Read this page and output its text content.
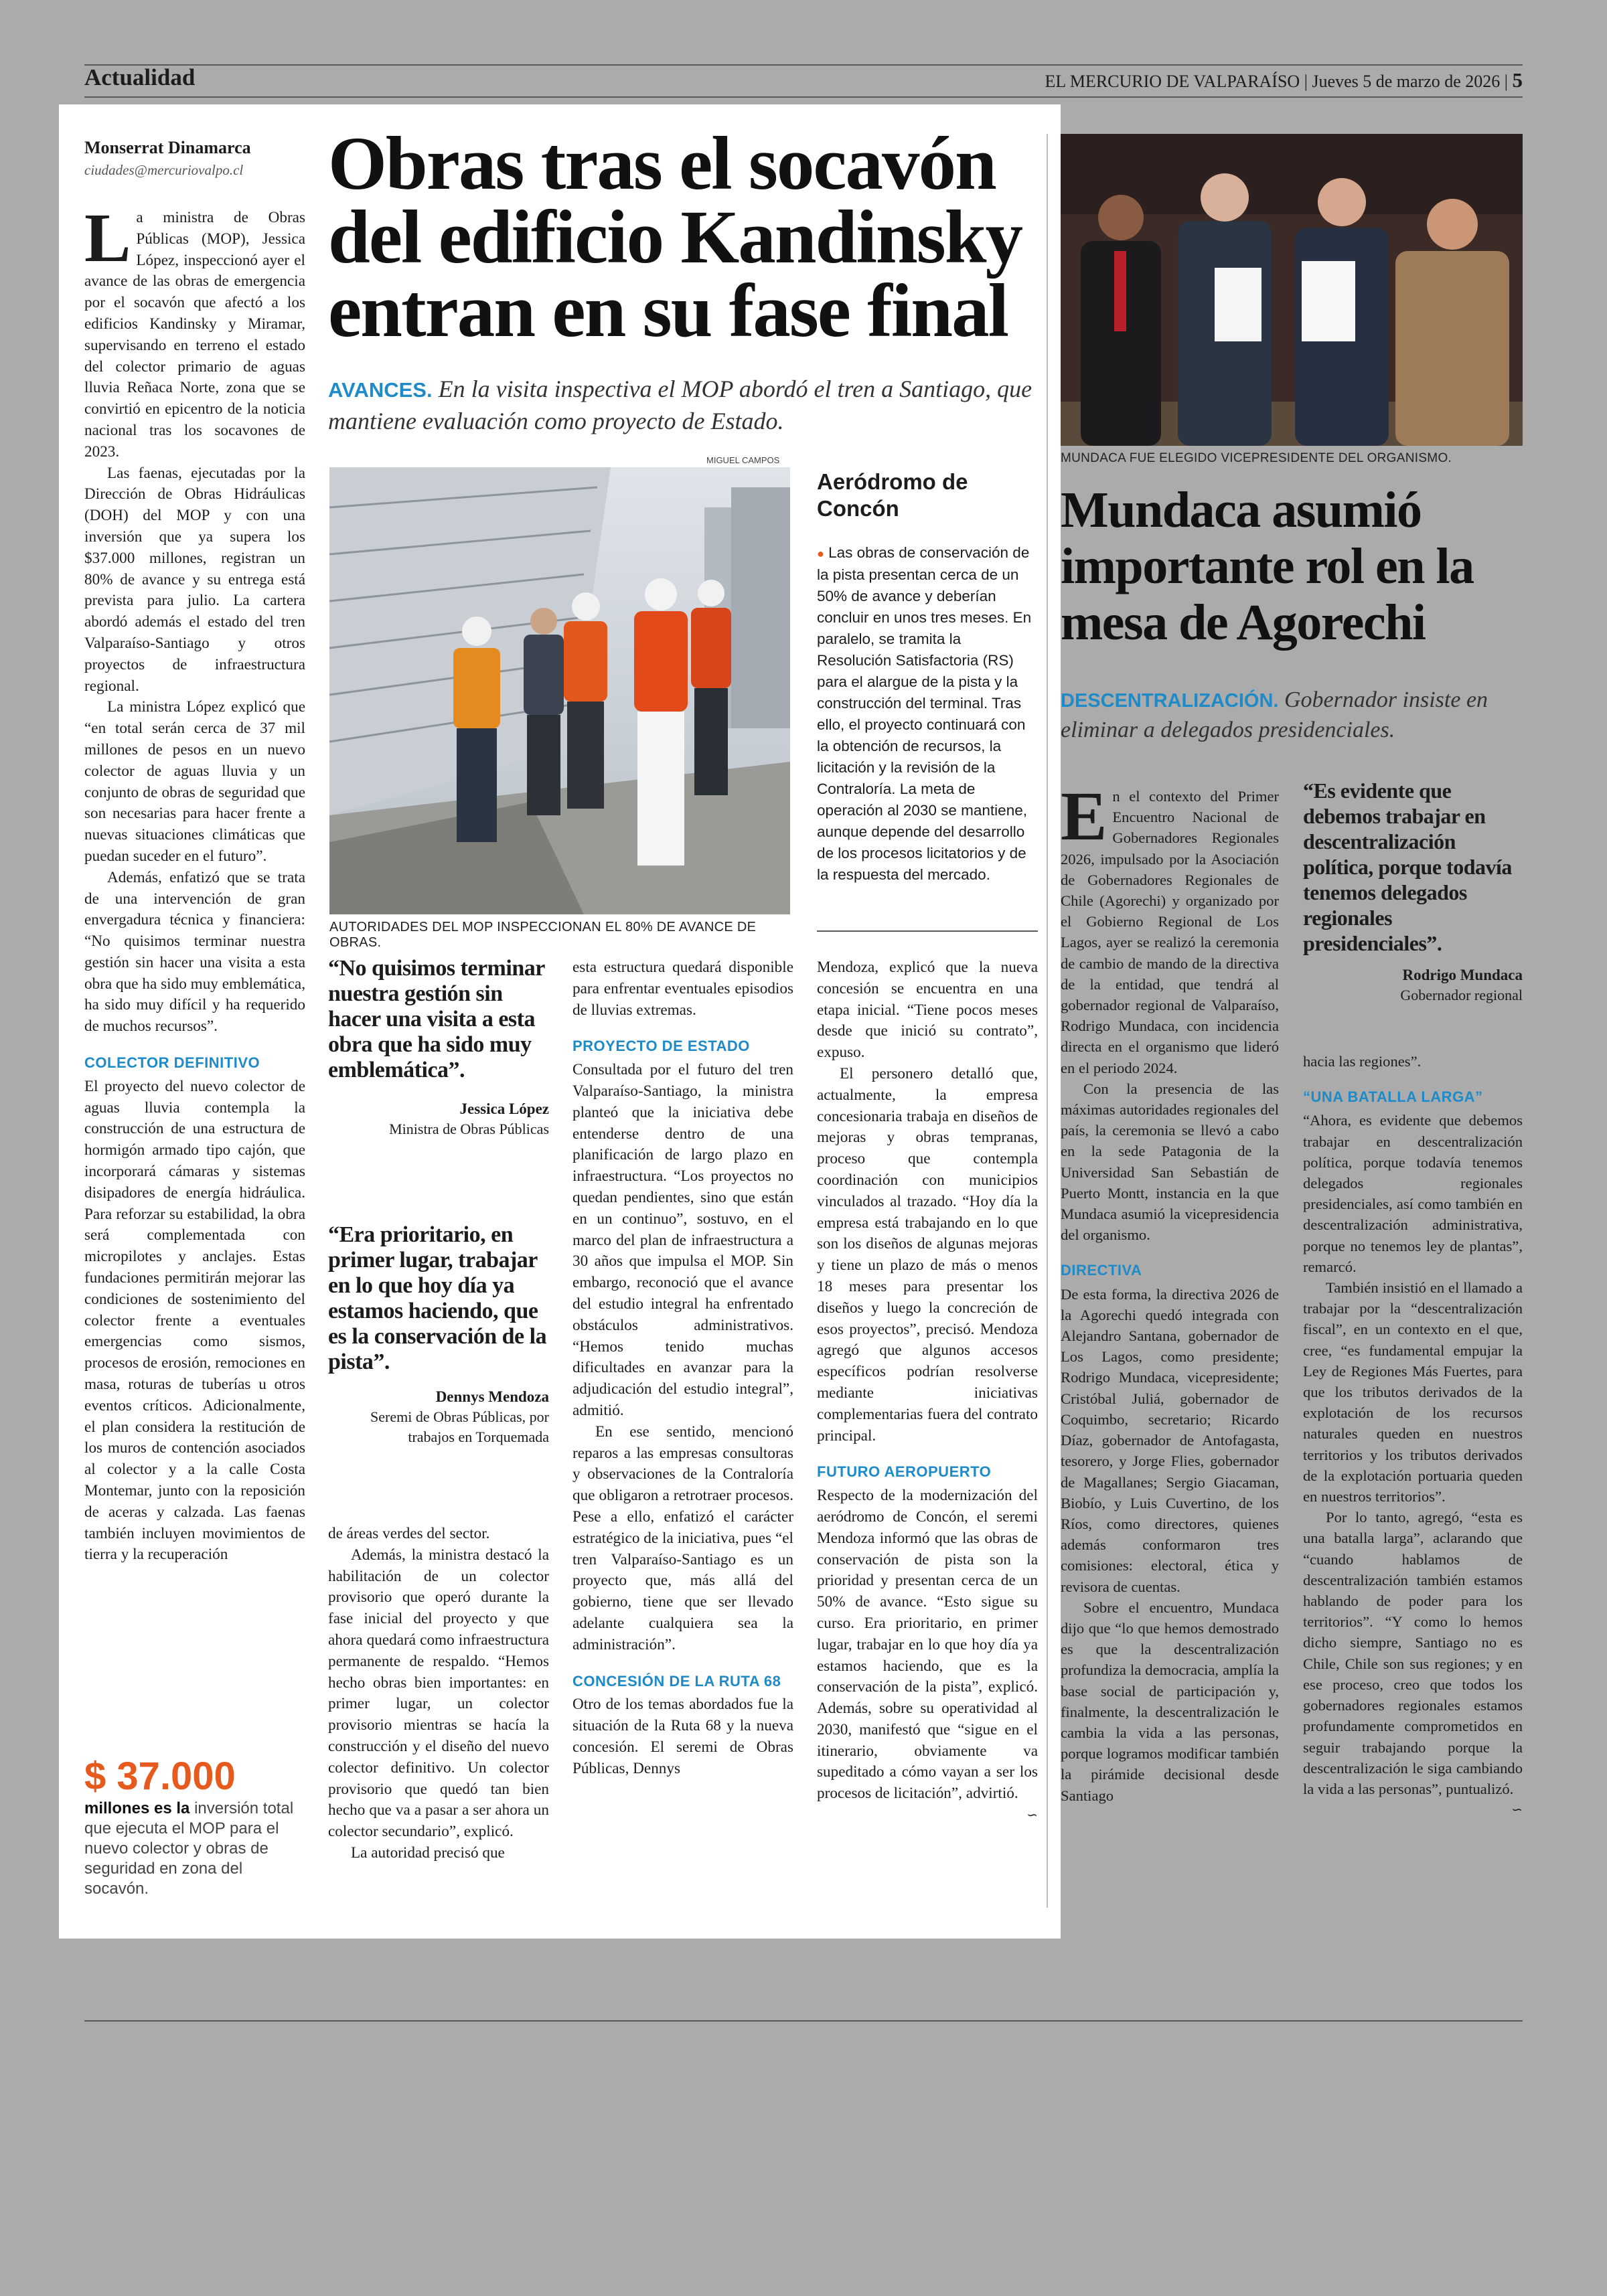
Actualidad	EL MERCURIO DE VALPARAÍSO | Jueves 5 de marzo de 2026 | 5
Monserrat Dinamarca
ciudades@mercuriovalpo.cl

La ministra de Obras Públicas (MOP), Jessica López, inspeccionó ayer el avance de las obras de emergencia por el socavón que afectó a los edificios Kandinsky y Miramar, supervisando en terreno el estado del colector primario de aguas lluvia Reñaca Norte, zona que se convirtió en epicentro de la noticia nacional tras los socavones de 2023.

Las faenas, ejecutadas por la Dirección de Obras Hidráulicas (DOH) del MOP y con una inversión que ya supera los $37.000 millones, registran un 80% de avance y su entrega está prevista para julio. La cartera abordó además el estado del tren Valparaíso-Santiago y otros proyectos de infraestructura regional.

La ministra López explicó que “en total serán cerca de 37 mil millones de pesos en un nuevo colector de aguas lluvia y un conjunto de obras de seguridad que son necesarias para hacer frente a nuevas situaciones climáticas que puedan suceder en el futuro”.

Además, enfatizó que se trata de una intervención de gran envergadura técnica y financiera: “No quisimos terminar nuestra gestión sin hacer una visita a esta obra que ha sido muy emblemática, ha sido muy difícil y ha requerido de muchos recursos”.

COLECTOR DEFINITIVO

El proyecto del nuevo colector de aguas lluvia contempla la construcción de una estructura de hormigón armado tipo cajón, que incorporará cámaras y sistemas disipadores de energía hidráulica. Para reforzar su estabilidad, la obra será complementada con micropilotes y anclajes. Estas fundaciones permitirán mejorar las condiciones de sostenimiento del colector frente a eventuales emergencias como sismos, procesos de erosión, remociones en masa, roturas de tuberías u otros eventos críticos. Adicionalmente, el plan considera la restitución de los muros de contención asociados al colector y a la calle Costa Montemar, junto con la reposición de aceras y calzada. Las faenas también incluyen movimientos de tierra y la recuperación

$ 37.000
millones es la inversión total que ejecuta el MOP para el nuevo colector y obras de seguridad en zona del socavón.
Obras tras el socavón del edificio Kandinsky entran en su fase final
AVANCES. En la visita inspectiva el MOP abordó el tren a Santiago, que mantiene evaluación como proyecto de Estado.
MIGUEL CAMPOS
AUTORIDADES DEL MOP INSPECCIONAN EL 80% DE AVANCE DE OBRAS.
Aeródromo de Concón
● Las obras de conservación de la pista presentan cerca de un 50% de avance y deberían concluir en unos tres meses. En paralelo, se tramita la Resolución Satisfactoria (RS) para el alargue de la pista y la construcción del terminal. Tras ello, el proyecto continuará con la obtención de recursos, la licitación y la revisión de la Contraloría. La meta de operación al 2030 se mantiene, aunque depende del desarrollo de los procesos licitatorios y de la respuesta del mercado.
“No quisimos terminar nuestra gestión sin hacer una visita a esta obra que ha sido muy emblemática”.
Jessica López
Ministra de Obras Públicas
“Era prioritario, en primer lugar, trabajar en lo que hoy día ya estamos haciendo, que es la conservación de la pista”.
Dennys Mendoza
Seremi de Obras Públicas, por trabajos en Torquemada

de áreas verdes del sector.

Además, la ministra destacó la habilitación de un colector provisorio que operó durante la fase inicial del proyecto y que ahora quedará como infraestructura permanente de respaldo. “Hemos hecho obras bien importantes: en primer lugar, un colector provisorio mientras se hacía la construcción y el diseño del nuevo colector definitivo. Un colector provisorio que quedó tan bien hecho que va a pasar a ser ahora un colector secundario”, explicó.

La autoridad precisó que

esta estructura quedará disponible para enfrentar eventuales episodios de lluvias extremas.

PROYECTO DE ESTADO

Consultada por el futuro del tren Valparaíso-Santiago, la ministra planteó que la iniciativa debe entenderse dentro de una planificación de largo plazo en infraestructura. “Los proyectos no quedan pendientes, sino que están en un continuo”, sostuvo, en el marco del plan de infraestructura a 30 años que impulsa el MOP. Sin embargo, reconoció que el avance del estudio integral ha enfrentado obstáculos administrativos. “Hemos tenido muchas dificultades en avanzar para la adjudicación del estudio integral”, admitió.

En ese sentido, mencionó reparos a las empresas consultoras y observaciones de la Contraloría que obligaron a retrotraer procesos. Pese a ello, enfatizó el carácter estratégico de la iniciativa, pues “el tren Valparaíso-Santiago es un proyecto que, más allá del gobierno, tiene que ser llevado adelante cualquiera sea la administración”.

CONCESIÓN DE LA RUTA 68

Otro de los temas abordados fue la situación de la Ruta 68 y la nueva concesión. El seremi de Obras Públicas, Dennys

Mendoza, explicó que la nueva concesión se encuentra en una etapa inicial. “Tiene pocos meses desde que inició su contrato”, expuso.

El personero detalló que, actualmente, la empresa concesionaria trabaja en diseños de mejoras y obras tempranas, proceso que contempla coordinación con municipios vinculados al trazado. “Hoy día la empresa está trabajando en lo que son los diseños de algunas mejoras y tiene un plazo de más o menos 18 meses para presentar los diseños y luego la concreción de esos proyectos”, precisó. Mendoza agregó que algunos accesos específicos podrían resolverse mediante iniciativas complementarias fuera del contrato principal.

FUTURO AEROPUERTO

Respecto de la modernización del aeródromo de Concón, el seremi Mendoza informó que las obras de conservación de pista son la prioridad y presentan cerca de un 50% de avance. “Esto sigue su curso. Era prioritario, en primer lugar, trabajar en lo que hoy día ya estamos haciendo, que es la conservación de la pista”, explicó. Además, sobre su operatividad al 2030, manifestó que “sigue en el itinerario, obviamente va supeditado a cómo vayan a ser los procesos de licitación”, advirtió.

∽
MUNDACA FUE ELEGIDO VICEPRESIDENTE DEL ORGANISMO.
Mundaca asumió importante rol en la mesa de Agorechi
DESCENTRALIZACIÓN. Gobernador insiste en eliminar a delegados presidenciales.

En el contexto del Primer Encuentro Nacional de Gobernadores Regionales 2026, impulsado por la Asociación de Gobernadores Regionales de Chile (Agorechi) y organizado por el Gobierno Regional de Los Lagos, ayer se realizó la ceremonia de cambio de mando de la directiva de la entidad, que tendrá al gobernador regional de Valparaíso, Rodrigo Mundaca, con incidencia directa en el organismo que lideró en el periodo 2024.

Con la presencia de las máximas autoridades regionales del país, la ceremonia se llevó a cabo en la sede Patagonia de la Universidad San Sebastián de Puerto Montt, instancia en la que Mundaca asumió la vicepresidencia del organismo.

DIRECTIVA

De esta forma, la directiva 2026 de la Agorechi quedó integrada con Alejandro Santana, gobernador de Los Lagos, como presidente; Rodrigo Mundaca, vicepresidente; Cristóbal Juliá, gobernador de Coquimbo, secretario; Ricardo Díaz, gobernador de Antofagasta, tesorero, y Jorge Flies, gobernador de Magallanes; Sergio Giacaman, Biobío, y Luis Cuvertino, de los Ríos, como directores, quienes además conformaron tres comisiones: electoral, ética y revisora de cuentas.

Sobre el encuentro, Mundaca dijo que “lo que hemos demostrado es que la descentralización profundiza la democracia, amplía la base social de participación y, finalmente, la descentralización le cambia la vida a las personas, porque logramos modificar también la pirámide decisional desde Santiago

“Es evidente que debemos trabajar en descentralización política, porque todavía tenemos delegados regionales presidenciales”.
Rodrigo Mundaca
Gobernador regional

hacia las regiones”.

“UNA BATALLA LARGA”

“Ahora, es evidente que debemos trabajar en descentralización política, porque todavía tenemos delegados regionales presidenciales, así como también en descentralización administrativa, porque no tenemos ley de plantas”, remarcó.

También insistió en el llamado a trabajar por la “descentralización fiscal”, en un contexto en el que, cree, “es fundamental empujar la Ley de Regiones Más Fuertes, para que los tributos derivados de la explotación de los recursos naturales queden en nuestros territorios y los tributos derivados de la explotación portuaria queden en nuestros territorios”.

Por lo tanto, agregó, “esta es una batalla larga”, aclarando que “cuando hablamos de descentralización también estamos hablando de poder para los territorios”. “Y como lo hemos dicho siempre, Santiago no es Chile, Chile son sus regiones; y en ese proceso, creo que todos los gobernadores regionales estamos profundamente comprometidos en seguir trabajando porque la descentralización le siga cambiando la vida a las personas”, puntualizó.

∽
